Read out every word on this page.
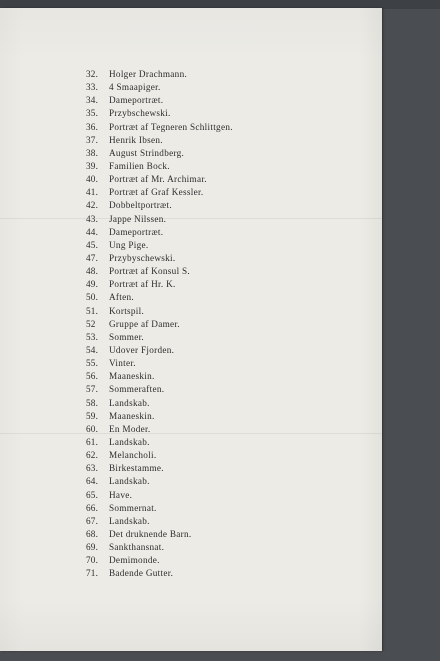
32.	Holger Drachmann.
33.	4 Smaapiger.
34.	Dameportræt.
35.	Przybschewski.
36.	Portræt af Tegneren Schlittgen.
37.	Henrik Ibsen.
38.	August Strindberg.
39.	Familien Bock.
40.	Portræt af Mr. Archimar.
41.	Portræt af Graf Kessler.
42.	Dobbeltportræt.
43.	Jappe Nilssen.
44.	Dameportræt.
45.	Ung Pige.
47.	Przybyschewski.
48.	Portræt af Konsul S.
49.	Portræt af Hr. K.
50.	Aften.
51.	Kortspil.
52	Gruppe af Damer.
53.	Sommer.
54.	Udover Fjorden.
55.	Vinter.
56.	Maaneskin.
57.	Sommeraften.
58.	Landskab.
59.	Maaneskin.
60.	En Moder.
61.	Landskab.
62.	Melancholi.
63.	Birkestamme.
64.	Landskab.
65.	Have.
66.	Sommernat.
67.	Landskab.
68.	Det druknende Barn.
69.	Sankthansnat.
70.	Demimonde.
71.	Badende Gutter.
